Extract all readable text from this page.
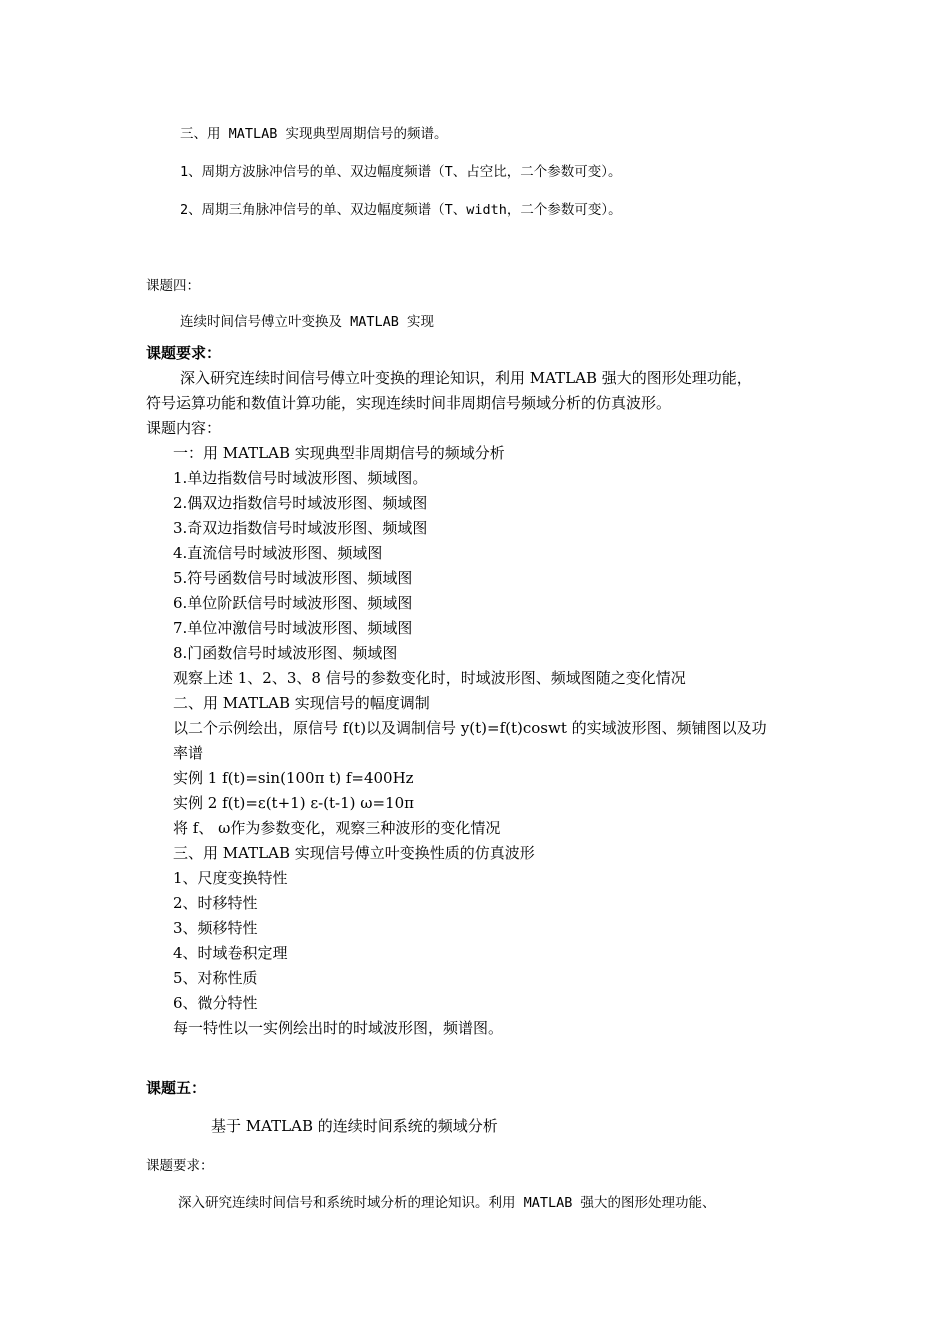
三、用 MATLAB 实现典型周期信号的频谱。
1、周期方波脉冲信号的单、双边幅度频谱（T、占空比，二个参数可变）。
2、周期三角脉冲信号的单、双边幅度频谱（T、width，二个参数可变）。
课题四：
连续时间信号傅立叶变换及 MATLAB 实现
课题要求：
深入研究连续时间信号傅立叶变换的理论知识，利用 MATLAB 强大的图形处理功能，
符号运算功能和数值计算功能，实现连续时间非周期信号频域分析的仿真波形。
课题内容：
一：用 MATLAB 实现典型非周期信号的频域分析
1.单边指数信号时域波形图、频域图。
2.偶双边指数信号时域波形图、频域图
3.奇双边指数信号时域波形图、频域图
4.直流信号时域波形图、频域图
5.符号函数信号时域波形图、频域图
6.单位阶跃信号时域波形图、频域图
7.单位冲激信号时域波形图、频域图
8.门函数信号时域波形图、频域图
观察上述 1、2、3、8 信号的参数变化时，时域波形图、频域图随之变化情况
二、用 MATLAB 实现信号的幅度调制
以二个示例绘出，原信号 f(t)以及调制信号 y(t)=f(t)coswt 的实域波形图、频铺图以及功
率谱
实例 1 f(t)=sin(100π t) f=400Hz
实例 2 f(t)=ε(t+1) ε-(t-1) ω=10π
将 f、 ω作为参数变化，观察三种波形的变化情况
三、用 MATLAB 实现信号傅立叶变换性质的仿真波形
1、尺度变换特性
2、时移特性
3、频移特性
4、时域卷积定理
5、对称性质
6、微分特性
每一特性以一实例绘出时的时域波形图，频谱图。
课题五：
基于 MATLAB 的连续时间系统的频域分析
课题要求：
深入研究连续时间信号和系统时域分析的理论知识。利用 MATLAB 强大的图形处理功能、
